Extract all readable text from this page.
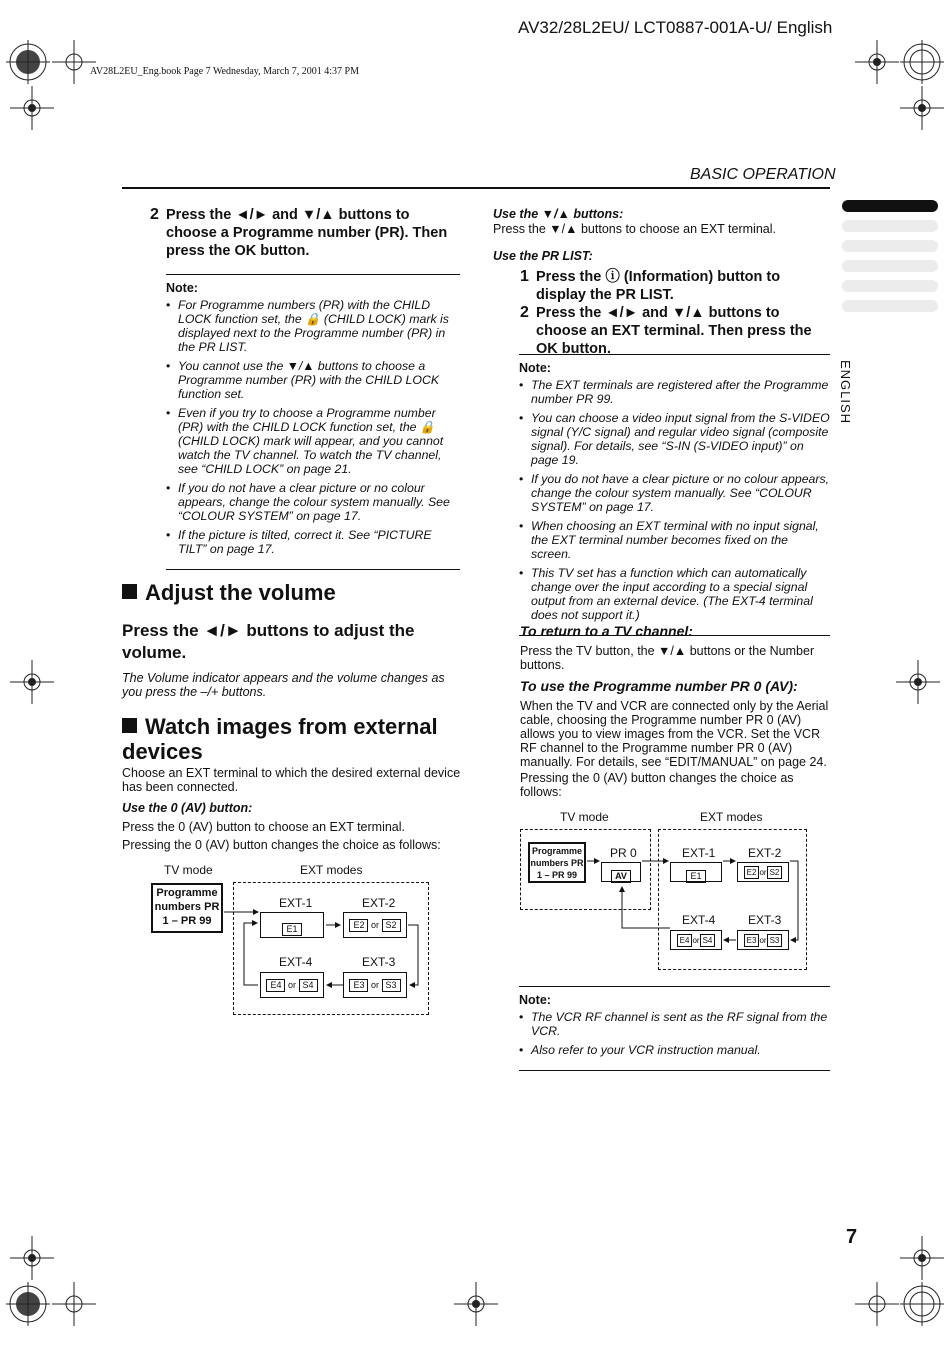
AV32/28L2EU/ LCT0887-001A-U/ English
AV28L2EU_Eng.book Page 7 Wednesday, March 7, 2001 4:37 PM
BASIC OPERATION
ENGLISH
2 Press the ◄/► and ▼/▲ buttons to choose a Programme number (PR). Then press the OK button.
Note:
• For Programme numbers (PR) with the CHILD LOCK function set, the 🔒 (CHILD LOCK) mark is displayed next to the Programme number (PR) in the PR LIST.
• You cannot use the ▼/▲ buttons to choose a Programme number (PR) with the CHILD LOCK function set.
• Even if you try to choose a Programme number (PR) with the CHILD LOCK function set, the 🔒 (CHILD LOCK) mark will appear, and you cannot watch the TV channel. To watch the TV channel, see “CHILD LOCK” on page 21.
• If you do not have a clear picture or no colour appears, change the colour system manually. See “COLOUR SYSTEM” on page 17.
• If the picture is tilted, correct it. See “PICTURE TILT” on page 17.
Adjust the volume
Press the ◄/► buttons to adjust the volume.
The Volume indicator appears and the volume changes as you press the –/+ buttons.
Watch images from external devices
Choose an EXT terminal to which the desired external device has been connected.
Use the 0 (AV) button:
Press the 0 (AV) button to choose an EXT terminal.
Pressing the 0 (AV) button changes the choice as follows:
TV mode	EXT modes
Programme numbers PR 1 – PR 99
EXT-1	EXT-2
EXT-4	EXT-3
E1	E2 or S2
E4 or S4	E3 or S3
Use the ▼/▲ buttons:
Press the ▼/▲ buttons to choose an EXT terminal.
Use the PR LIST:
1 Press the ⓘ (Information) button to display the PR LIST.
2 Press the ◄/► and ▼/▲ buttons to choose an EXT terminal. Then press the OK button.
Note:
• The EXT terminals are registered after the Programme number PR 99.
• You can choose a video input signal from the S-VIDEO signal (Y/C signal) and regular video signal (composite signal). For details, see “S-IN (S-VIDEO input)” on page 19.
• If you do not have a clear picture or no colour appears, change the colour system manually. See “COLOUR SYSTEM” on page 17.
• When choosing an EXT terminal with no input signal, the EXT terminal number becomes fixed on the screen.
• This TV set has a function which can automatically change over the input according to a special signal output from an external device. (The EXT-4 terminal does not support it.)
To return to a TV channel:
Press the TV button, the ▼/▲ buttons or the Number buttons.
To use the Programme number PR 0 (AV):
When the TV and VCR are connected only by the Aerial cable, choosing the Programme number PR 0 (AV) allows you to view images from the VCR. Set the VCR RF channel to the Programme number PR 0 (AV) manually. For details, see “EDIT/MANUAL” on page 24.
Pressing the 0 (AV) button changes the choice as follows:
TV mode	EXT modes
Programme numbers PR 1 – PR 99
PR 0
AV
EXT-1	EXT-2
EXT-4	EXT-3
E1	E2 or S2
E4 or S4	E3 or S3
Note:
• The VCR RF channel is sent as the RF signal from the VCR.
• Also refer to your VCR instruction manual.
7
